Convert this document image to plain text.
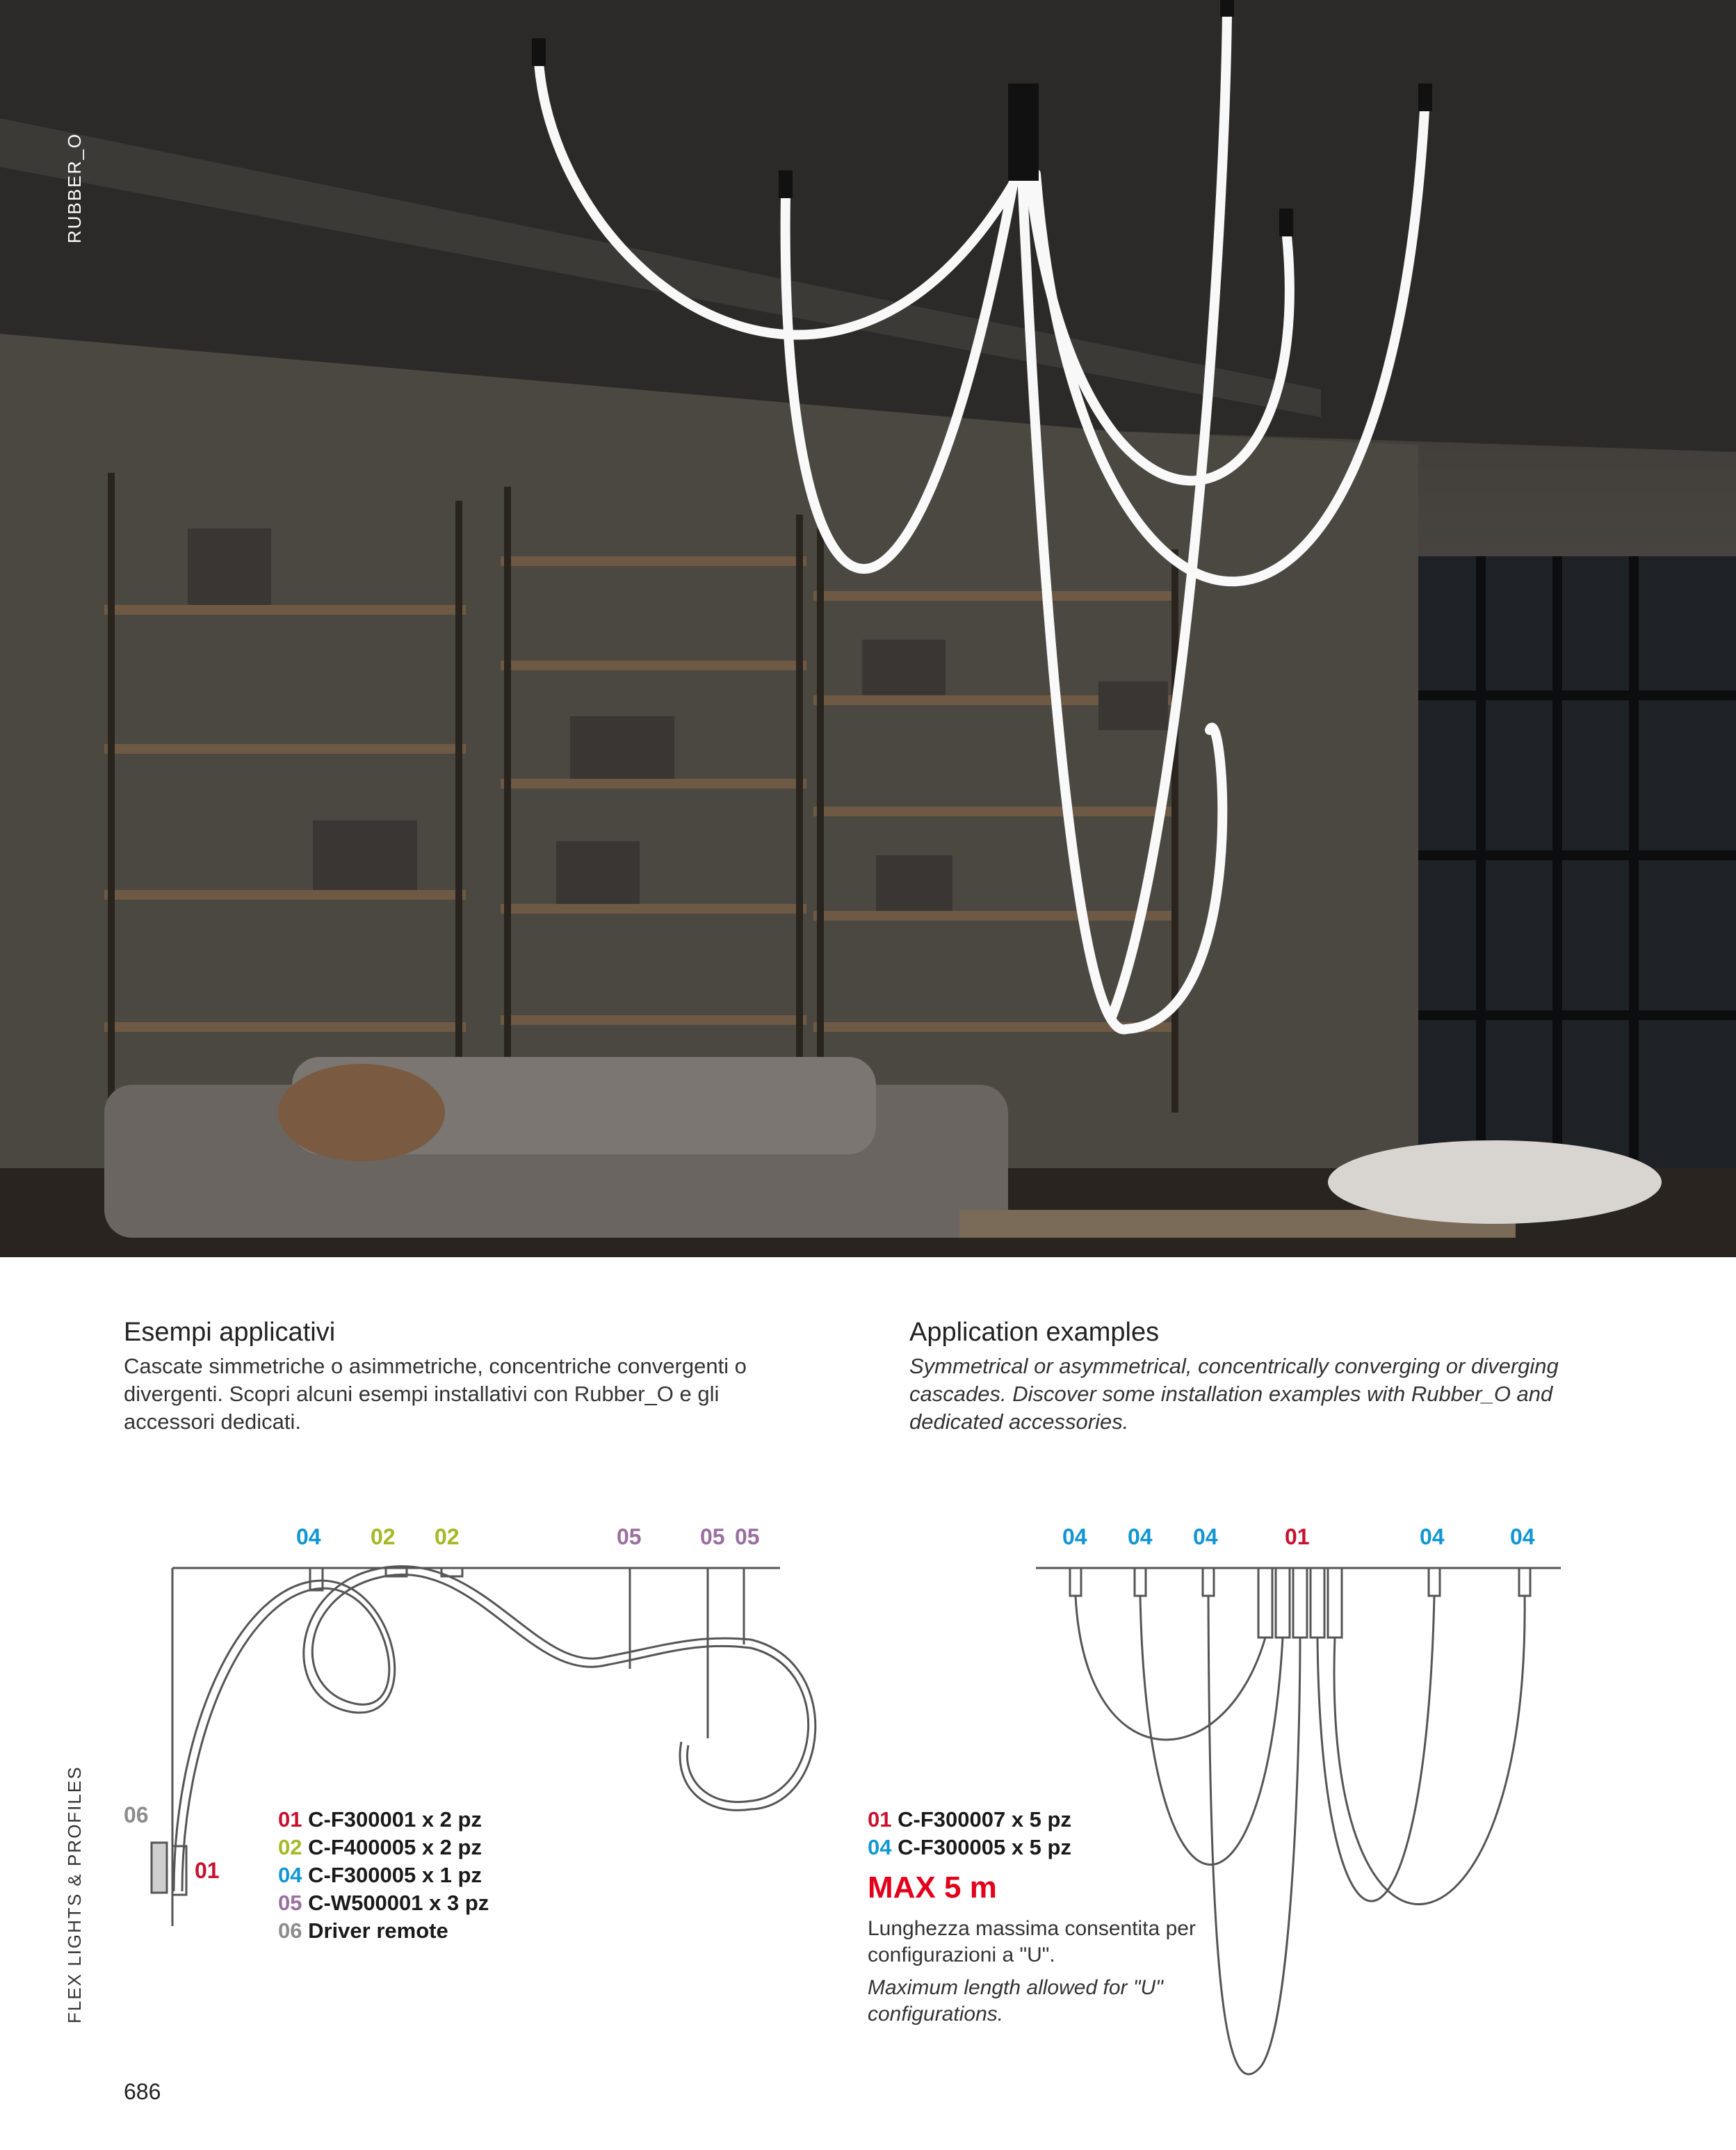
RUBBER_O
Esempi applicativi

Cascate simmetriche o asimmetriche, concentriche convergenti o divergenti. Scopri alcuni esempi installativi con Rubber_O e gli accessori dedicati.

Application examples

Symmetrical or asymmetrical, concentrically converging or diverging cascades. Discover some installation examples with Rubber_O and dedicated accessories.

04 02 02	05	05 05
06
01
01 C-F300001 x 2 pz
02 C-F400005 x 2 pz
04 C-F300005 x 1 pz
05 C-W500001 x 3 pz
06 Driver remote
04 04 04	01	04	04
01 C-F300007 x 5 pz
04 C-F300005 x 5 pz
MAX 5 m
Lunghezza massima consentita per configurazioni a "U".
Maximum length allowed for "U" configurations.
FLEX LIGHTS & PROFILES
686
